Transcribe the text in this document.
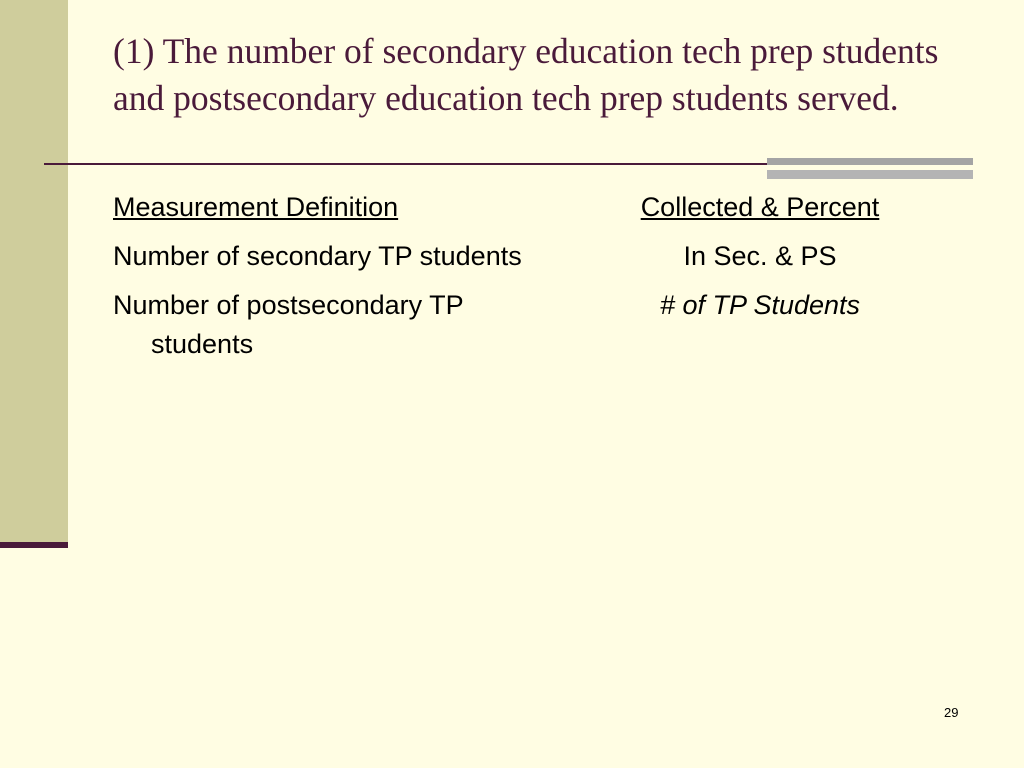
(1) The number of secondary education tech prep students and postsecondary education tech prep students served.

Measurement Definition

Number of secondary TP students

Number of postsecondary TP students

Collected & Percent

In Sec. & PS

# of TP Students

29
